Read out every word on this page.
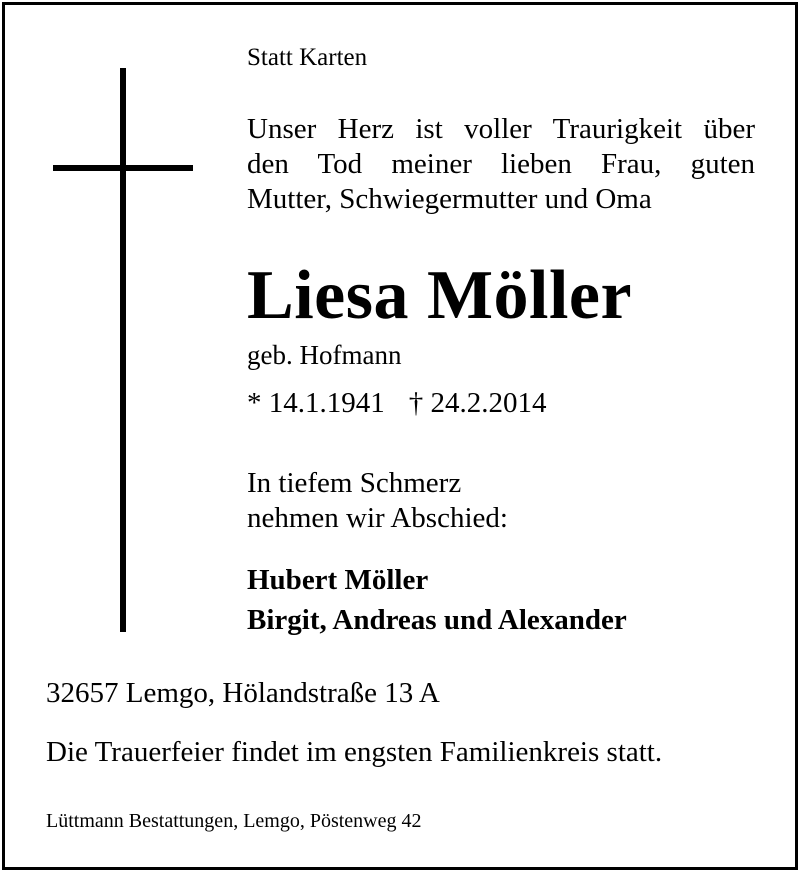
Statt Karten
Unser Herz ist voller Traurigkeit über
den Tod meiner lieben Frau, guten
Mutter, Schwiegermutter und Oma
Liesa Möller
geb. Hofmann
* 14.1.1941 † 24.2.2014
In tiefem Schmerz
nehmen wir Abschied:
Hubert Möller
Birgit, Andreas und Alexander
32657 Lemgo, Hölandstraße 13 A
Die Trauerfeier findet im engsten Familienkreis statt.
Lüttmann Bestattungen, Lemgo, Pöstenweg 42
